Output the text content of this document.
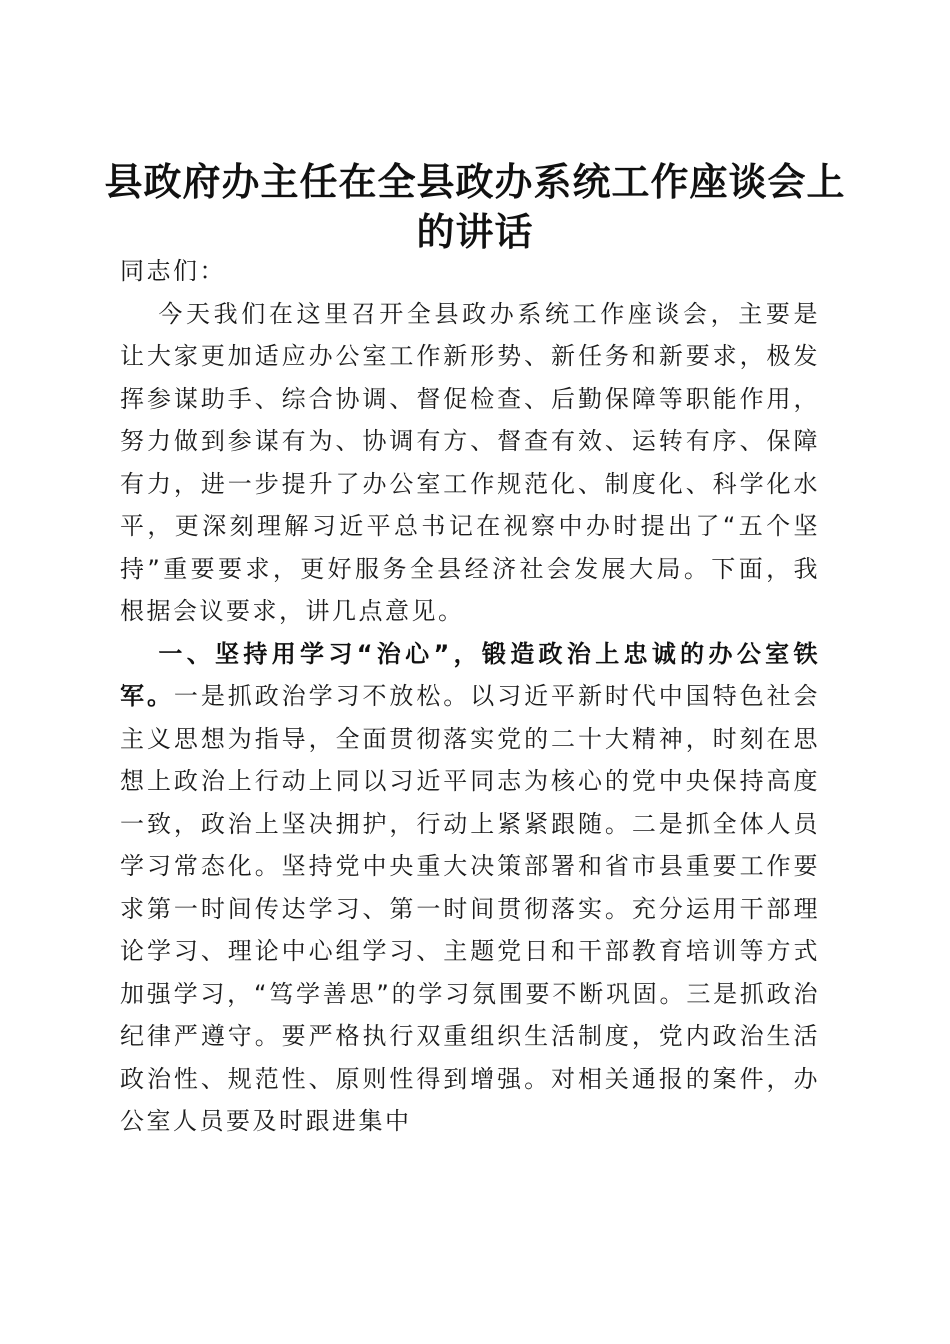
县政府办主任在全县政办系统工作座谈会上的讲话

同志们：

今天我们在这里召开全县政办系统工作座谈会，主要是让大家更加适应办公室工作新形势、新任务和新要求，极发挥参谋助手、综合协调、督促检查、后勤保障等职能作用，努力做到参谋有为、协调有方、督查有效、运转有序、保障有力，进一步提升了办公室工作规范化、制度化、科学化水平，更深刻理解习近平总书记在视察中办时提出了“五个坚持”重要要求，更好服务全县经济社会发展大局。下面，我根据会议要求，讲几点意见。

一、坚持用学习“治心”，锻造政治上忠诚的办公室铁军。一是抓政治学习不放松。以习近平新时代中国特色社会主义思想为指导，全面贯彻落实党的二十大精神，时刻在思想上政治上行动上同以习近平同志为核心的党中央保持高度一致，政治上坚决拥护，行动上紧紧跟随。二是抓全体人员学习常态化。坚持党中央重大决策部署和省市县重要工作要求第一时间传达学习、第一时间贯彻落实。充分运用干部理论学习、理论中心组学习、主题党日和干部教育培训等方式加强学习，“笃学善思”的学习氛围要不断巩固。三是抓政治纪律严遵守。要严格执行双重组织生活制度，党内政治生活政治性、规范性、原则性得到增强。对相关通报的案件，办公室人员要及时跟进集中
